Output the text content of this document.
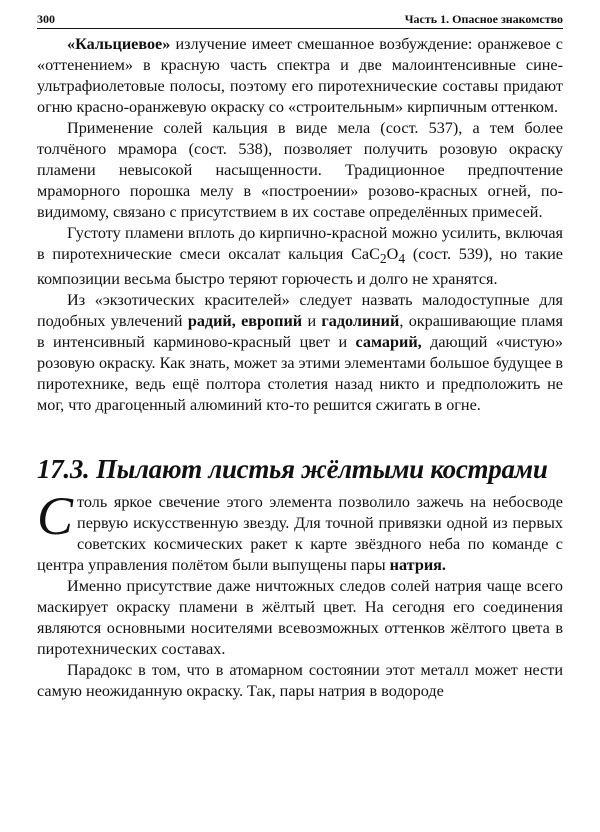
300	Часть 1. Опасное знакомство

«Кальциевое» излучение имеет смешанное возбуждение: оранжевое с «оттенением» в красную часть спектра и две малоинтенсивные сине-ультрафиолетовые полосы, поэтому его пиротехнические составы придают огню красно-оранжевую окраску со «строительным» кирпичным оттенком.

Применение солей кальция в виде мела (сост. 537), а тем более толчёного мрамора (сост. 538), позволяет получить розовую окраску пламени невысокой насыщенности. Традиционное предпочтение мраморного порошка мелу в «построении» розово-красных огней, по-видимому, связано с присутствием в их составе определённых примесей.

Густоту пламени вплоть до кирпично-красной можно усилить, включая в пиротехнические смеси оксалат кальция $CaC_2O_4$ (сост. 539), но такие композиции весьма быстро теряют горючесть и долго не хранятся.

Из «экзотических красителей» следует назвать малодоступные для подобных увлечений радий, европий и гадолиний, окрашивающие пламя в интенсивный карминово-красный цвет и самарий, дающий «чистую» розовую окраску. Как знать, может за этими элементами большое будущее в пиротехнике, ведь ещё полтора столетия назад никто и предположить не мог, что драгоценный алюминий кто-то решится сжигать в огне.

17.3. Пылают листья жёлтыми кострами

Столь яркое свечение этого элемента позволило зажечь на небосводе первую искусственную звезду. Для точной привязки одной из первых советских космических ракет к карте звёздного неба по команде с центра управления полётом были выпущены пары натрия.

Именно присутствие даже ничтожных следов солей натрия чаще всего маскирует окраску пламени в жёлтый цвет. На сегодня его соединения являются основными носителями всевозможных оттенков жёлтого цвета в пиротехнических составах.

Парадокс в том, что в атомарном состоянии этот металл может нести самую неожиданную окраску. Так, пары натрия в водороде
